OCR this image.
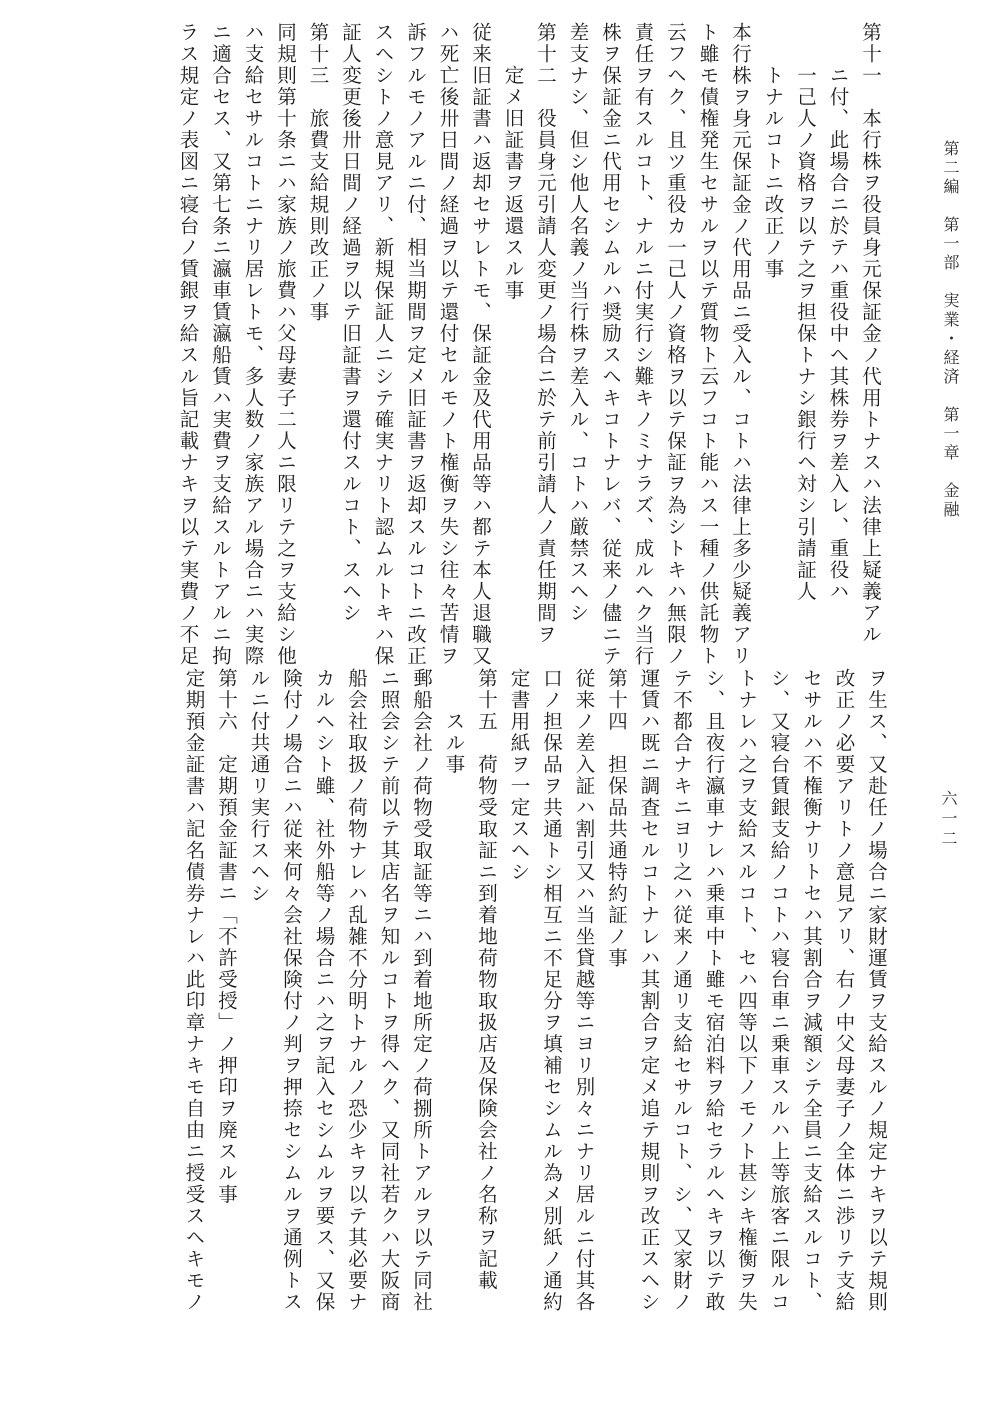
第二編　第一部　実業・経済　第一章　金融
六一二
第十一　本行株ヲ役員身元保証金ノ代用トナスハ法律上疑義アル
　　ニ付、此場合ニ於テハ重役中ヘ其株券ヲ差入レ、重役ハ
　　一己人ノ資格ヲ以テ之ヲ担保トナシ銀行ヘ対シ引請証人
　　トナルコトニ改正ノ事
本行株ヲ身元保証金ノ代用品ニ受入ル、コトハ法律上多少疑義アリ
ト雖モ債権発生セサルヲ以テ質物ト云フコト能ハス一種ノ供託物ト
云フヘク、且ツ重役カ一己人ノ資格ヲ以テ保証ヲ為シトキハ無限ノ
責任ヲ有スルコト、ナルニ付実行シ難キノミナラズ、成ルヘク当行
株ヲ保証金ニ代用セシムルハ奨励スヘキコトナレバ、従来ノ儘ニテ
差支ナシ、但シ他人名義ノ当行株ヲ差入ル、コトハ厳禁スヘシ
第十二　役員身元引請人変更ノ場合ニ於テ前引請人ノ責任期間ヲ
　　定メ旧証書ヲ返還スル事
従来旧証書ハ返却セサレトモ、保証金及代用品等ハ都テ本人退職又
ハ死亡後卅日間ノ経過ヲ以テ還付セルモノト権衡ヲ失シ往々苦情ヲ
訴フルモノアルニ付、相当期間ヲ定メ旧証書ヲ返却スルコトニ改正
スヘシトノ意見アリ、新規保証人ニシテ確実ナリト認ムルトキハ保
証人変更後卅日間ノ経過ヲ以テ旧証書ヲ還付スルコト、スヘシ
第十三　旅費支給規則改正ノ事
同規則第十条ニハ家族ノ旅費ハ父母妻子二人ニ限リテ之ヲ支給シ他
ハ支給セサルコトニナリ居レトモ、多人数ノ家族アル場合ニハ実際
ニ適合セス、又第七条ニ瀛車賃瀛船賃ハ実費ヲ支給スルトアルニ拘
ラス規定ノ表図ニ寝台ノ賃銀ヲ給スル旨記載ナキヲ以テ実費ノ不足
ヲ生ス、又赴任ノ場合ニ家財運賃ヲ支給スルノ規定ナキヲ以テ規則
改正ノ必要アリトノ意見アリ、右ノ中父母妻子ノ全体ニ渉リテ支給
セサルハ不権衡ナリトセハ其割合ヲ減額シテ全員ニ支給スルコト、
シ、又寝台賃銀支給ノコトハ寝台車ニ乗車スルハ上等旅客ニ限ルコ
トナレハ之ヲ支給スルコト、セハ四等以下ノモノト甚シキ権衡ヲ失
シ、且夜行瀛車ナレハ乗車中ト雖モ宿泊料ヲ給セラルヘキヲ以テ敢
テ不都合ナキニヨリ之ハ従来ノ通リ支給セサルコト、シ、又家財ノ
運賃ハ既ニ調査セルコトナレハ其割合ヲ定メ追テ規則ヲ改正スヘシ
第十四　担保品共通特約証ノ事
従来ノ差入証ハ割引又ハ当坐貸越等ニヨリ別々ニナリ居ルニ付其各
口ノ担保品ヲ共通トシ相互ニ不足分ヲ填補セシムル為メ別紙ノ通約
定書用紙ヲ一定スヘシ
第十五　荷物受取証ニ到着地荷物取扱店及保険会社ノ名称ヲ記載
　　スル事
郵船会社ノ荷物受取証等ニハ到着地所定ノ荷捌所トアルヲ以テ同社
ニ照会シテ前以テ其店名ヲ知ルコトヲ得ヘク、又同社若クハ大阪商
船会社取扱ノ荷物ナレハ乱雑不分明トナルノ恐少キヲ以テ其必要ナ
カルヘシト雖、社外船等ノ場合ニハ之ヲ記入セシムルヲ要ス、又保
険付ノ場合ニハ従来何々会社保険付ノ判ヲ押捺セシムルヲ通例トス
ルニ付共通リ実行スヘシ
第十六　定期預金証書ニ「不許受授」ノ押印ヲ廃スル事
定期預金証書ハ記名債券ナレハ此印章ナキモ自由ニ授受スヘキモノ
